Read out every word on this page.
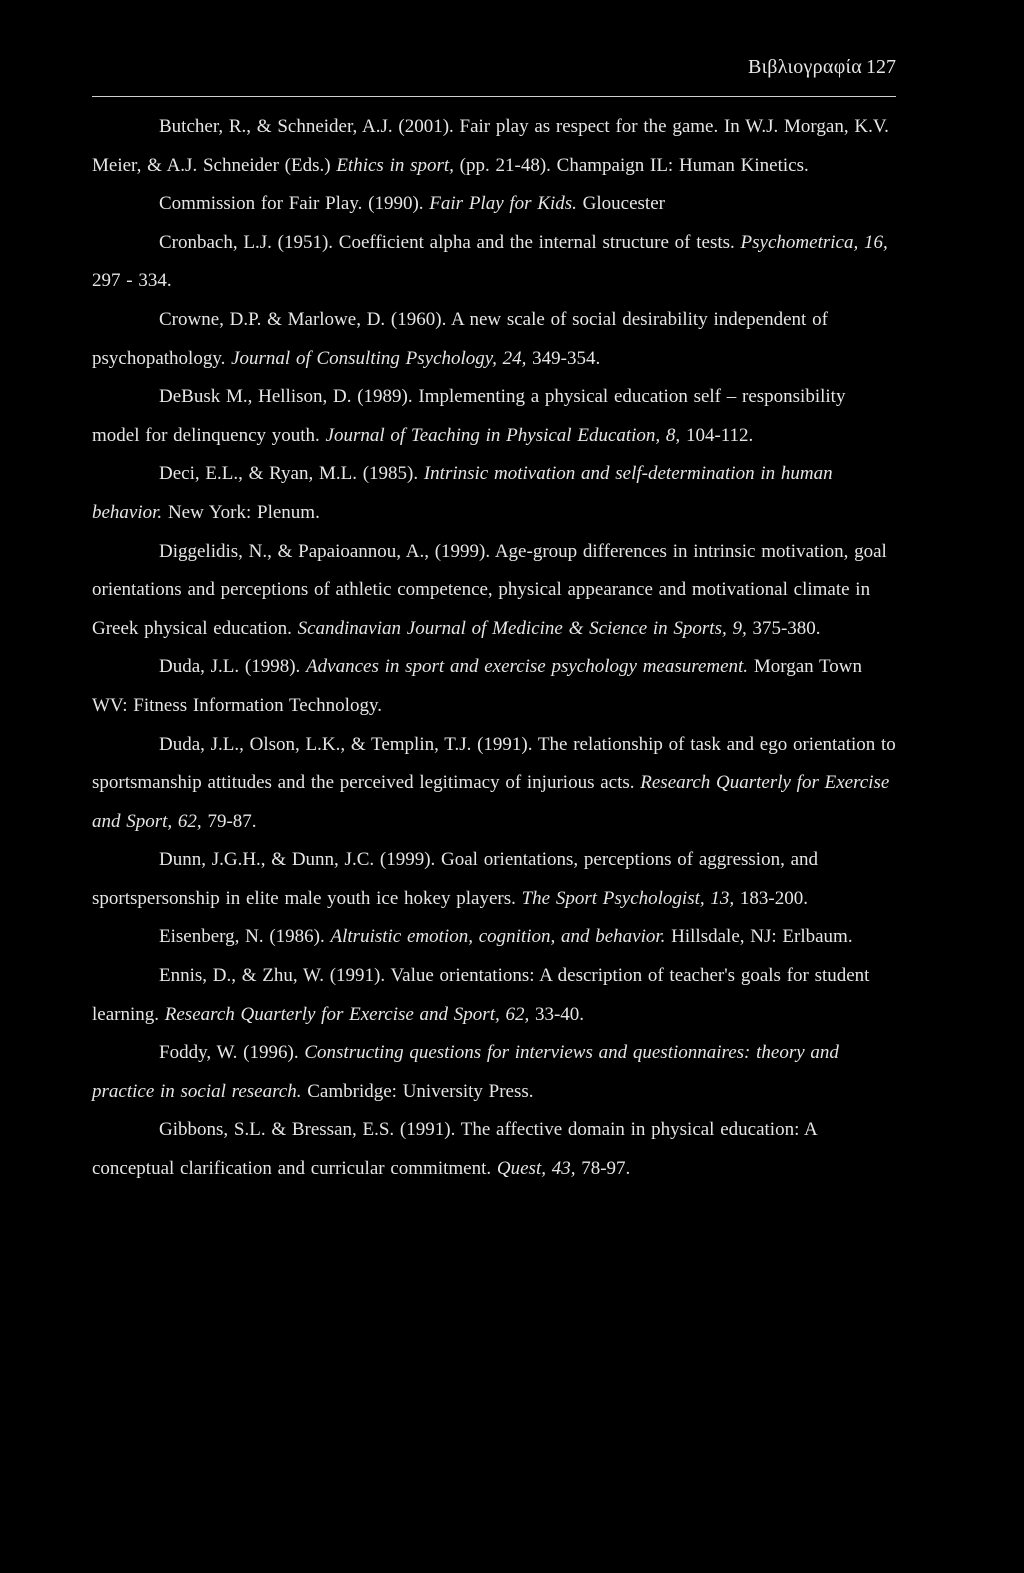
Βιβλιογραφία 127

Butcher, R., & Schneider, A.J. (2001). Fair play as respect for the game. In W.J. Morgan, K.V. Meier, & A.J. Schneider (Eds.) Ethics in sport, (pp. 21-48). Champaign IL: Human Kinetics.

Commission for Fair Play. (1990). Fair Play for Kids. Gloucester

Cronbach, L.J. (1951). Coefficient alpha and the internal structure of tests. Psychometrica, 16, 297 - 334.

Crowne, D.P. & Marlowe, D. (1960). A new scale of social desirability independent of psychopathology. Journal of Consulting Psychology, 24, 349-354.

DeBusk M., Hellison, D. (1989). Implementing a physical education self – responsibility model for delinquency youth. Journal of Teaching in Physical Education, 8, 104-112.

Deci, E.L., & Ryan, M.L. (1985). Intrinsic motivation and self-determination in human behavior. New York: Plenum.

Diggelidis, N., & Papaioannou, A., (1999). Age-group differences in intrinsic motivation, goal orientations and perceptions of athletic competence, physical appearance and motivational climate in Greek physical education. Scandinavian Journal of Medicine & Science in Sports, 9, 375-380.

Duda, J.L. (1998). Advances in sport and exercise psychology measurement. Morgan Town WV: Fitness Information Technology.

Duda, J.L., Olson, L.K., & Templin, T.J. (1991). The relationship of task and ego orientation to sportsmanship attitudes and the perceived legitimacy of injurious acts. Research Quarterly for Exercise and Sport, 62, 79-87.

Dunn, J.G.H., & Dunn, J.C. (1999). Goal orientations, perceptions of aggression, and sportspersonship in elite male youth ice hokey players. The Sport Psychologist, 13, 183-200.

Eisenberg, N. (1986). Altruistic emotion, cognition, and behavior. Hillsdale, NJ: Erlbaum.

Ennis, D., & Zhu, W. (1991). Value orientations: A description of teacher's goals for student learning. Research Quarterly for Exercise and Sport, 62, 33-40.

Foddy, W. (1996). Constructing questions for interviews and questionnaires: theory and practice in social research. Cambridge: University Press.

Gibbons, S.L. & Bressan, E.S. (1991). The affective domain in physical education: A conceptual clarification and curricular commitment. Quest, 43, 78-97.
